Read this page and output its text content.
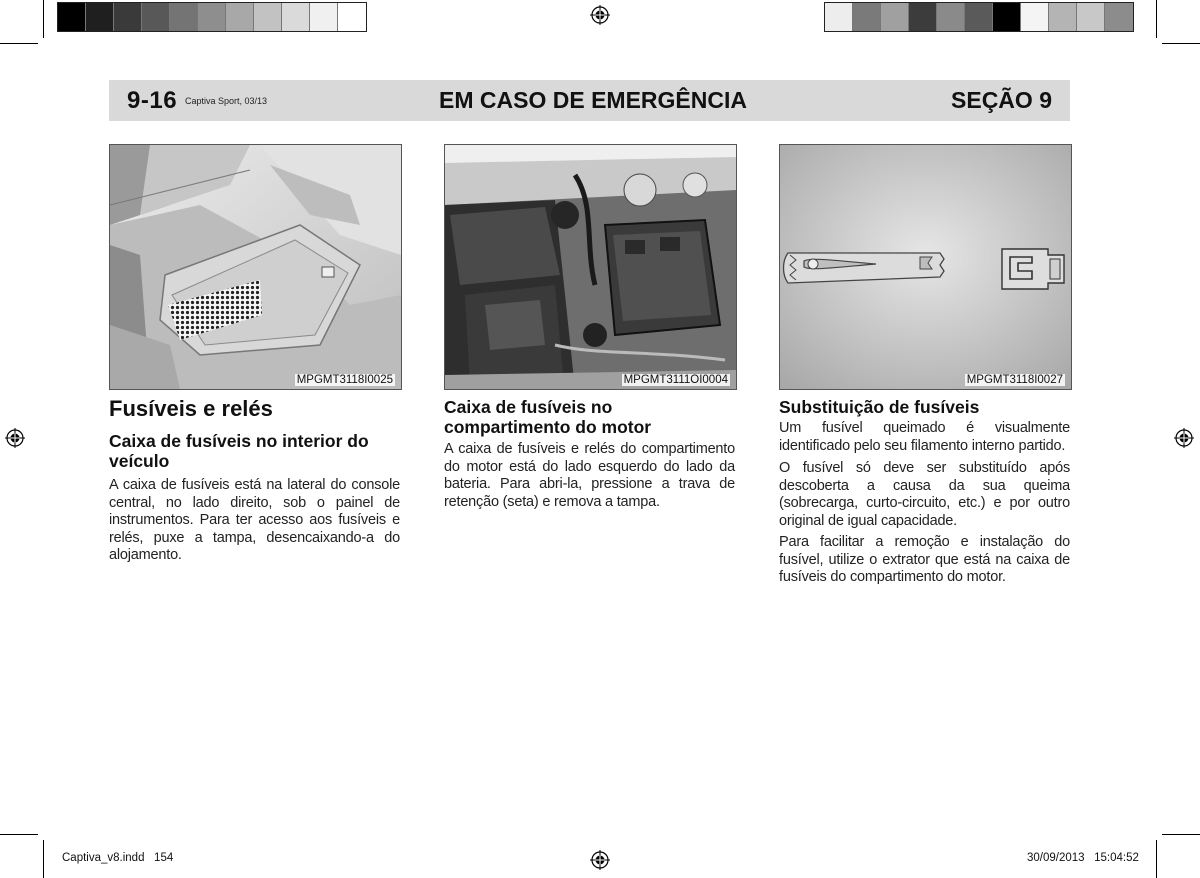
9-16 Captiva Sport, 03/13	EM CASO DE EMERGÊNCIA	SEÇÃO 9
MPGMT3118I0025	MPGMT3111OI0004	MPGMT3118I0027
Fusíveis e relés
Caixa de fusíveis no interior do veículo
A caixa de fusíveis está na lateral do console central, no lado direito, sob o painel de instrumentos. Para ter acesso aos fusíveis e relés, puxe a tampa, desencaixando-a do alojamento.
Caixa de fusíveis no compartimento do motor
A caixa de fusíveis e relés do compartimento do motor está do lado esquerdo do lado da bateria. Para abri-la, pressione a trava de retenção (seta) e remova a tampa.
Substituição de fusíveis
Um fusível queimado é visualmente identificado pelo seu filamento interno partido.
O fusível só deve ser substituído após descoberta a causa da sua queima (sobrecarga, curto-circuito, etc.) e por outro original de igual capacidade.
Para facilitar a remoção e instalação do fusível, utilize o extrator que está na caixa de fusíveis do compartimento do motor.
Captiva_v8.indd   154	30/09/2013   15:04:52
